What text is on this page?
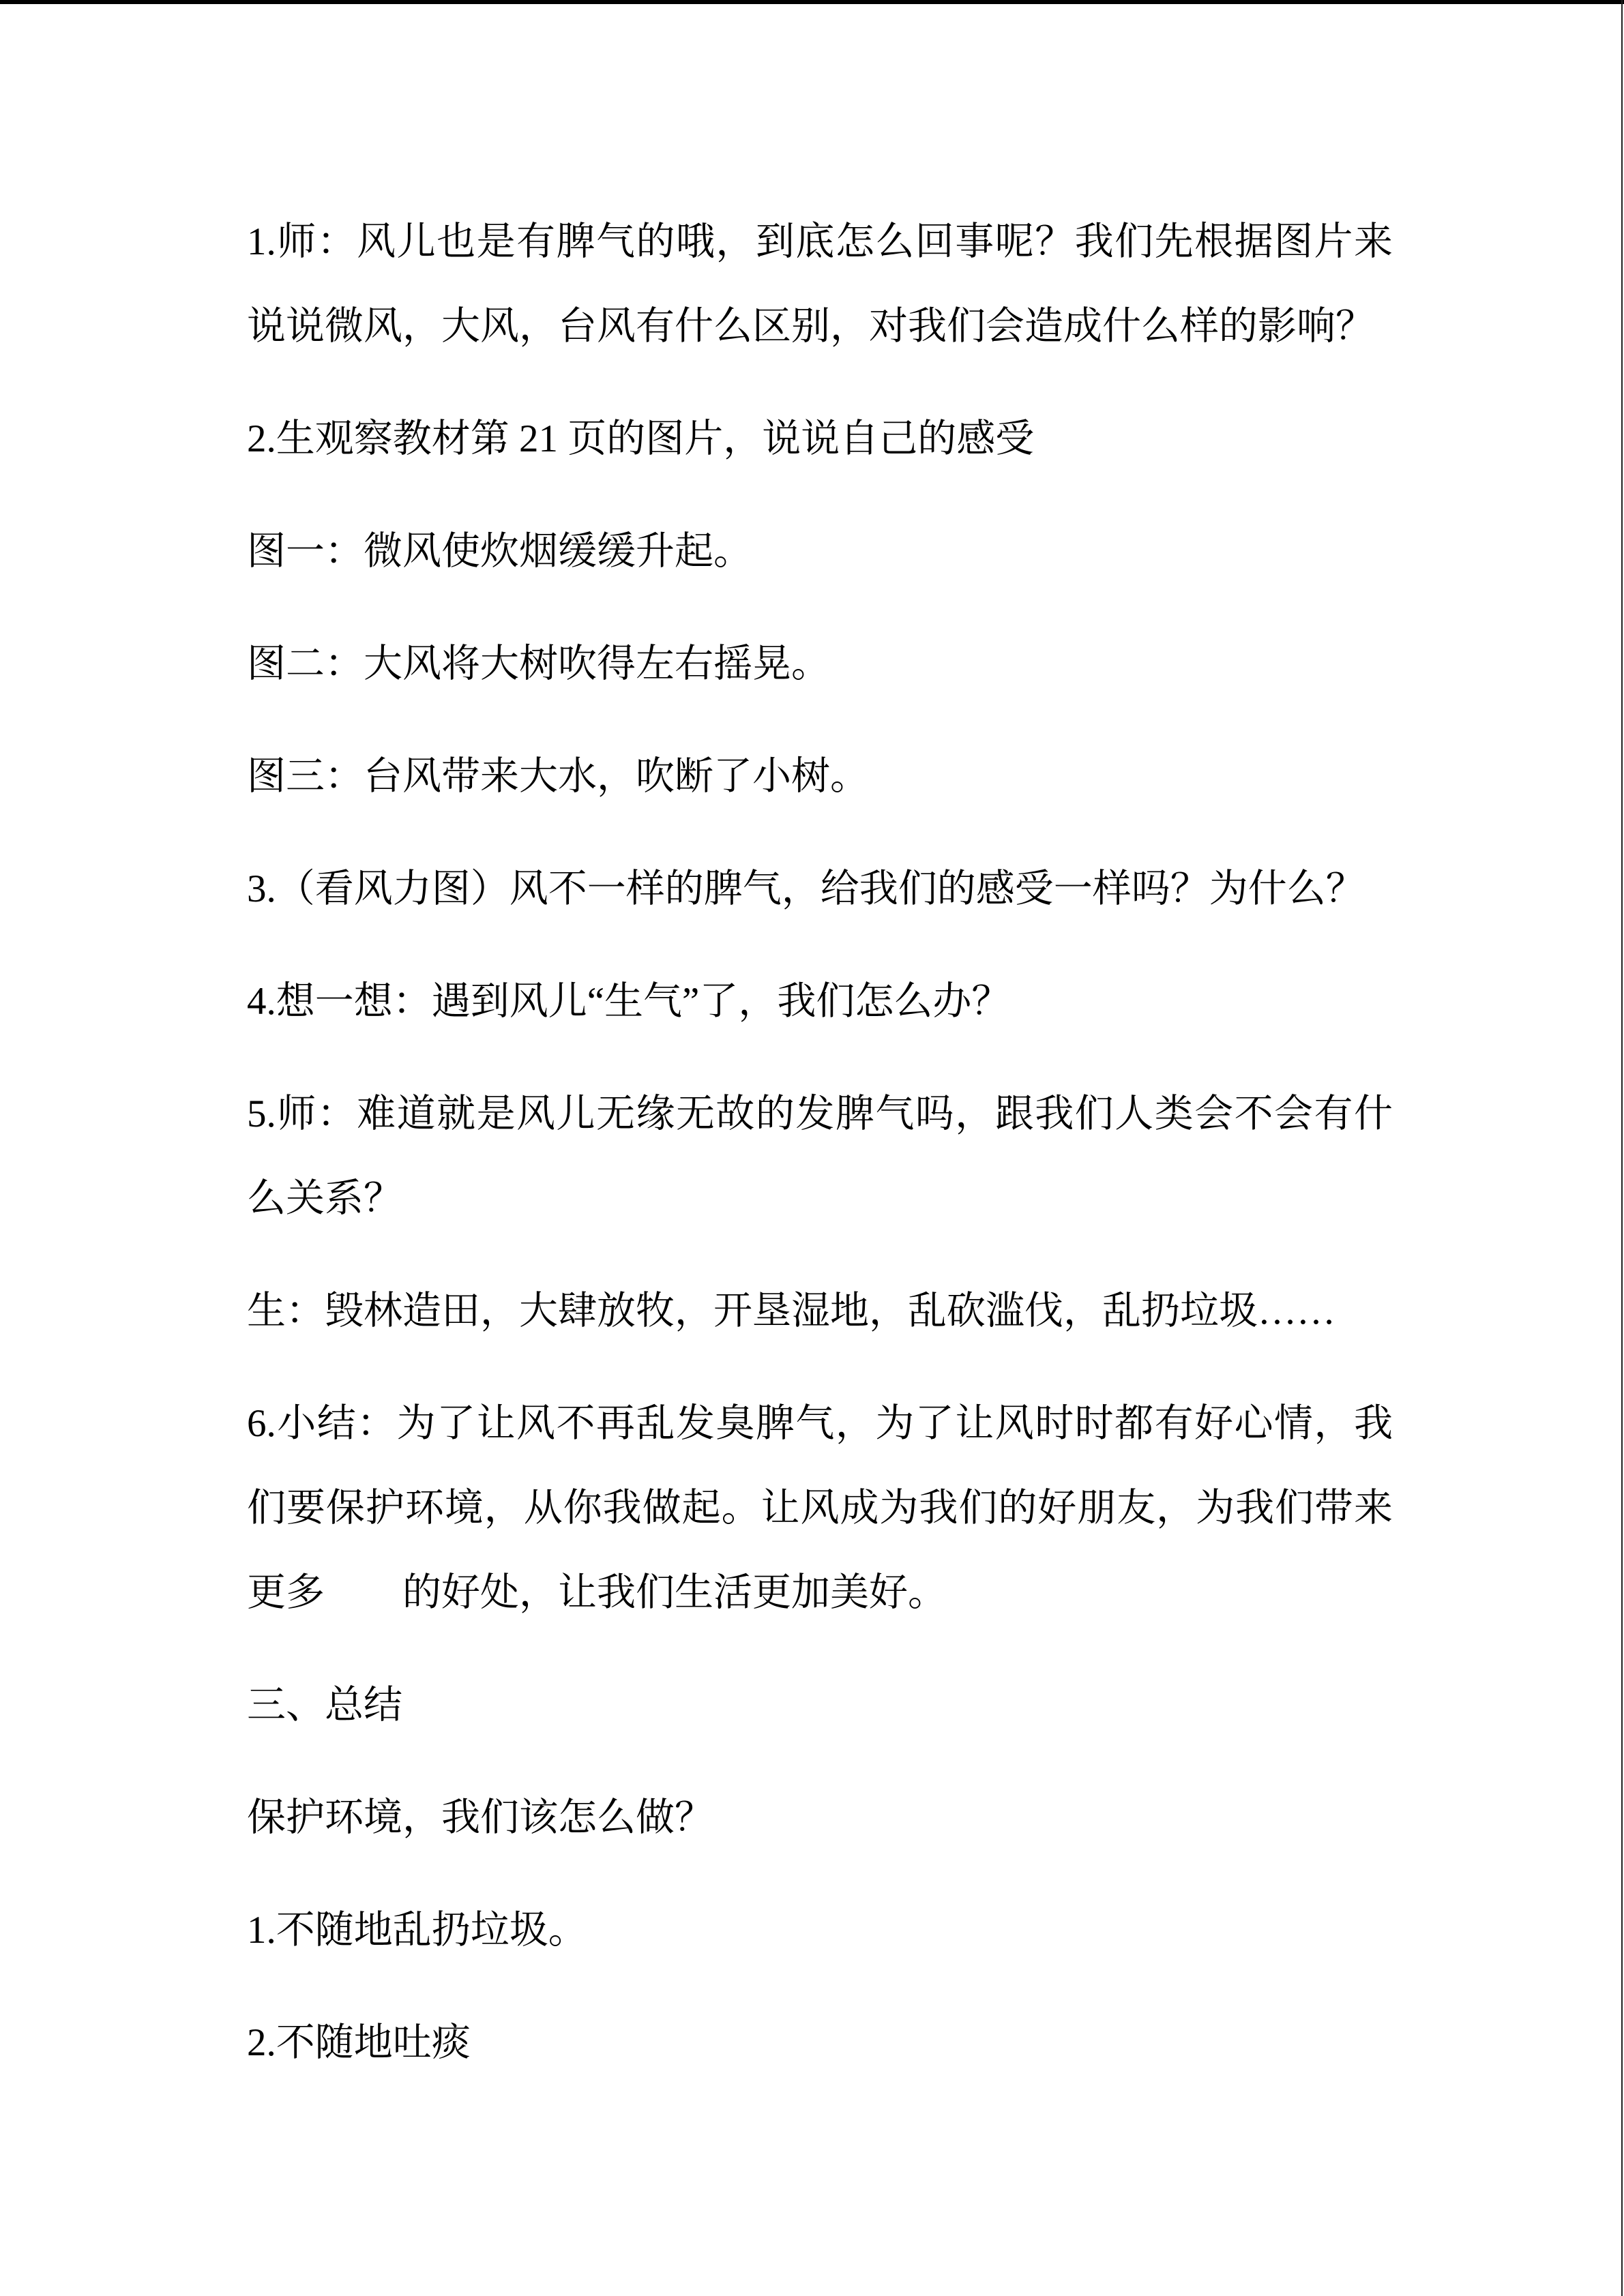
1.师：风儿也是有脾气的哦，到底怎么回事呢？我们先根据图片来
说说微风，大风，台风有什么区别，对我们会造成什么样的影响？
2.生观察教材第 21 页的图片，说说自己的感受
图一：微风使炊烟缓缓升起。
图二：大风将大树吹得左右摇晃。
图三：台风带来大水，吹断了小树。
3.（看风力图）风不一样的脾气，给我们的感受一样吗？为什么？
4.想一想：遇到风儿“生气”了，我们怎么办？
5.师：难道就是风儿无缘无故的发脾气吗，跟我们人类会不会有什
么关系？
生：毁林造田，大肆放牧，开垦湿地，乱砍滥伐，乱扔垃圾……
6.小结：为了让风不再乱发臭脾气，为了让风时时都有好心情，我
们要保护环境，从你我做起。让风成为我们的好朋友，为我们带来
更多　　的好处，让我们生活更加美好。
三、总结
保护环境，我们该怎么做？
1.不随地乱扔垃圾。
2.不随地吐痰
